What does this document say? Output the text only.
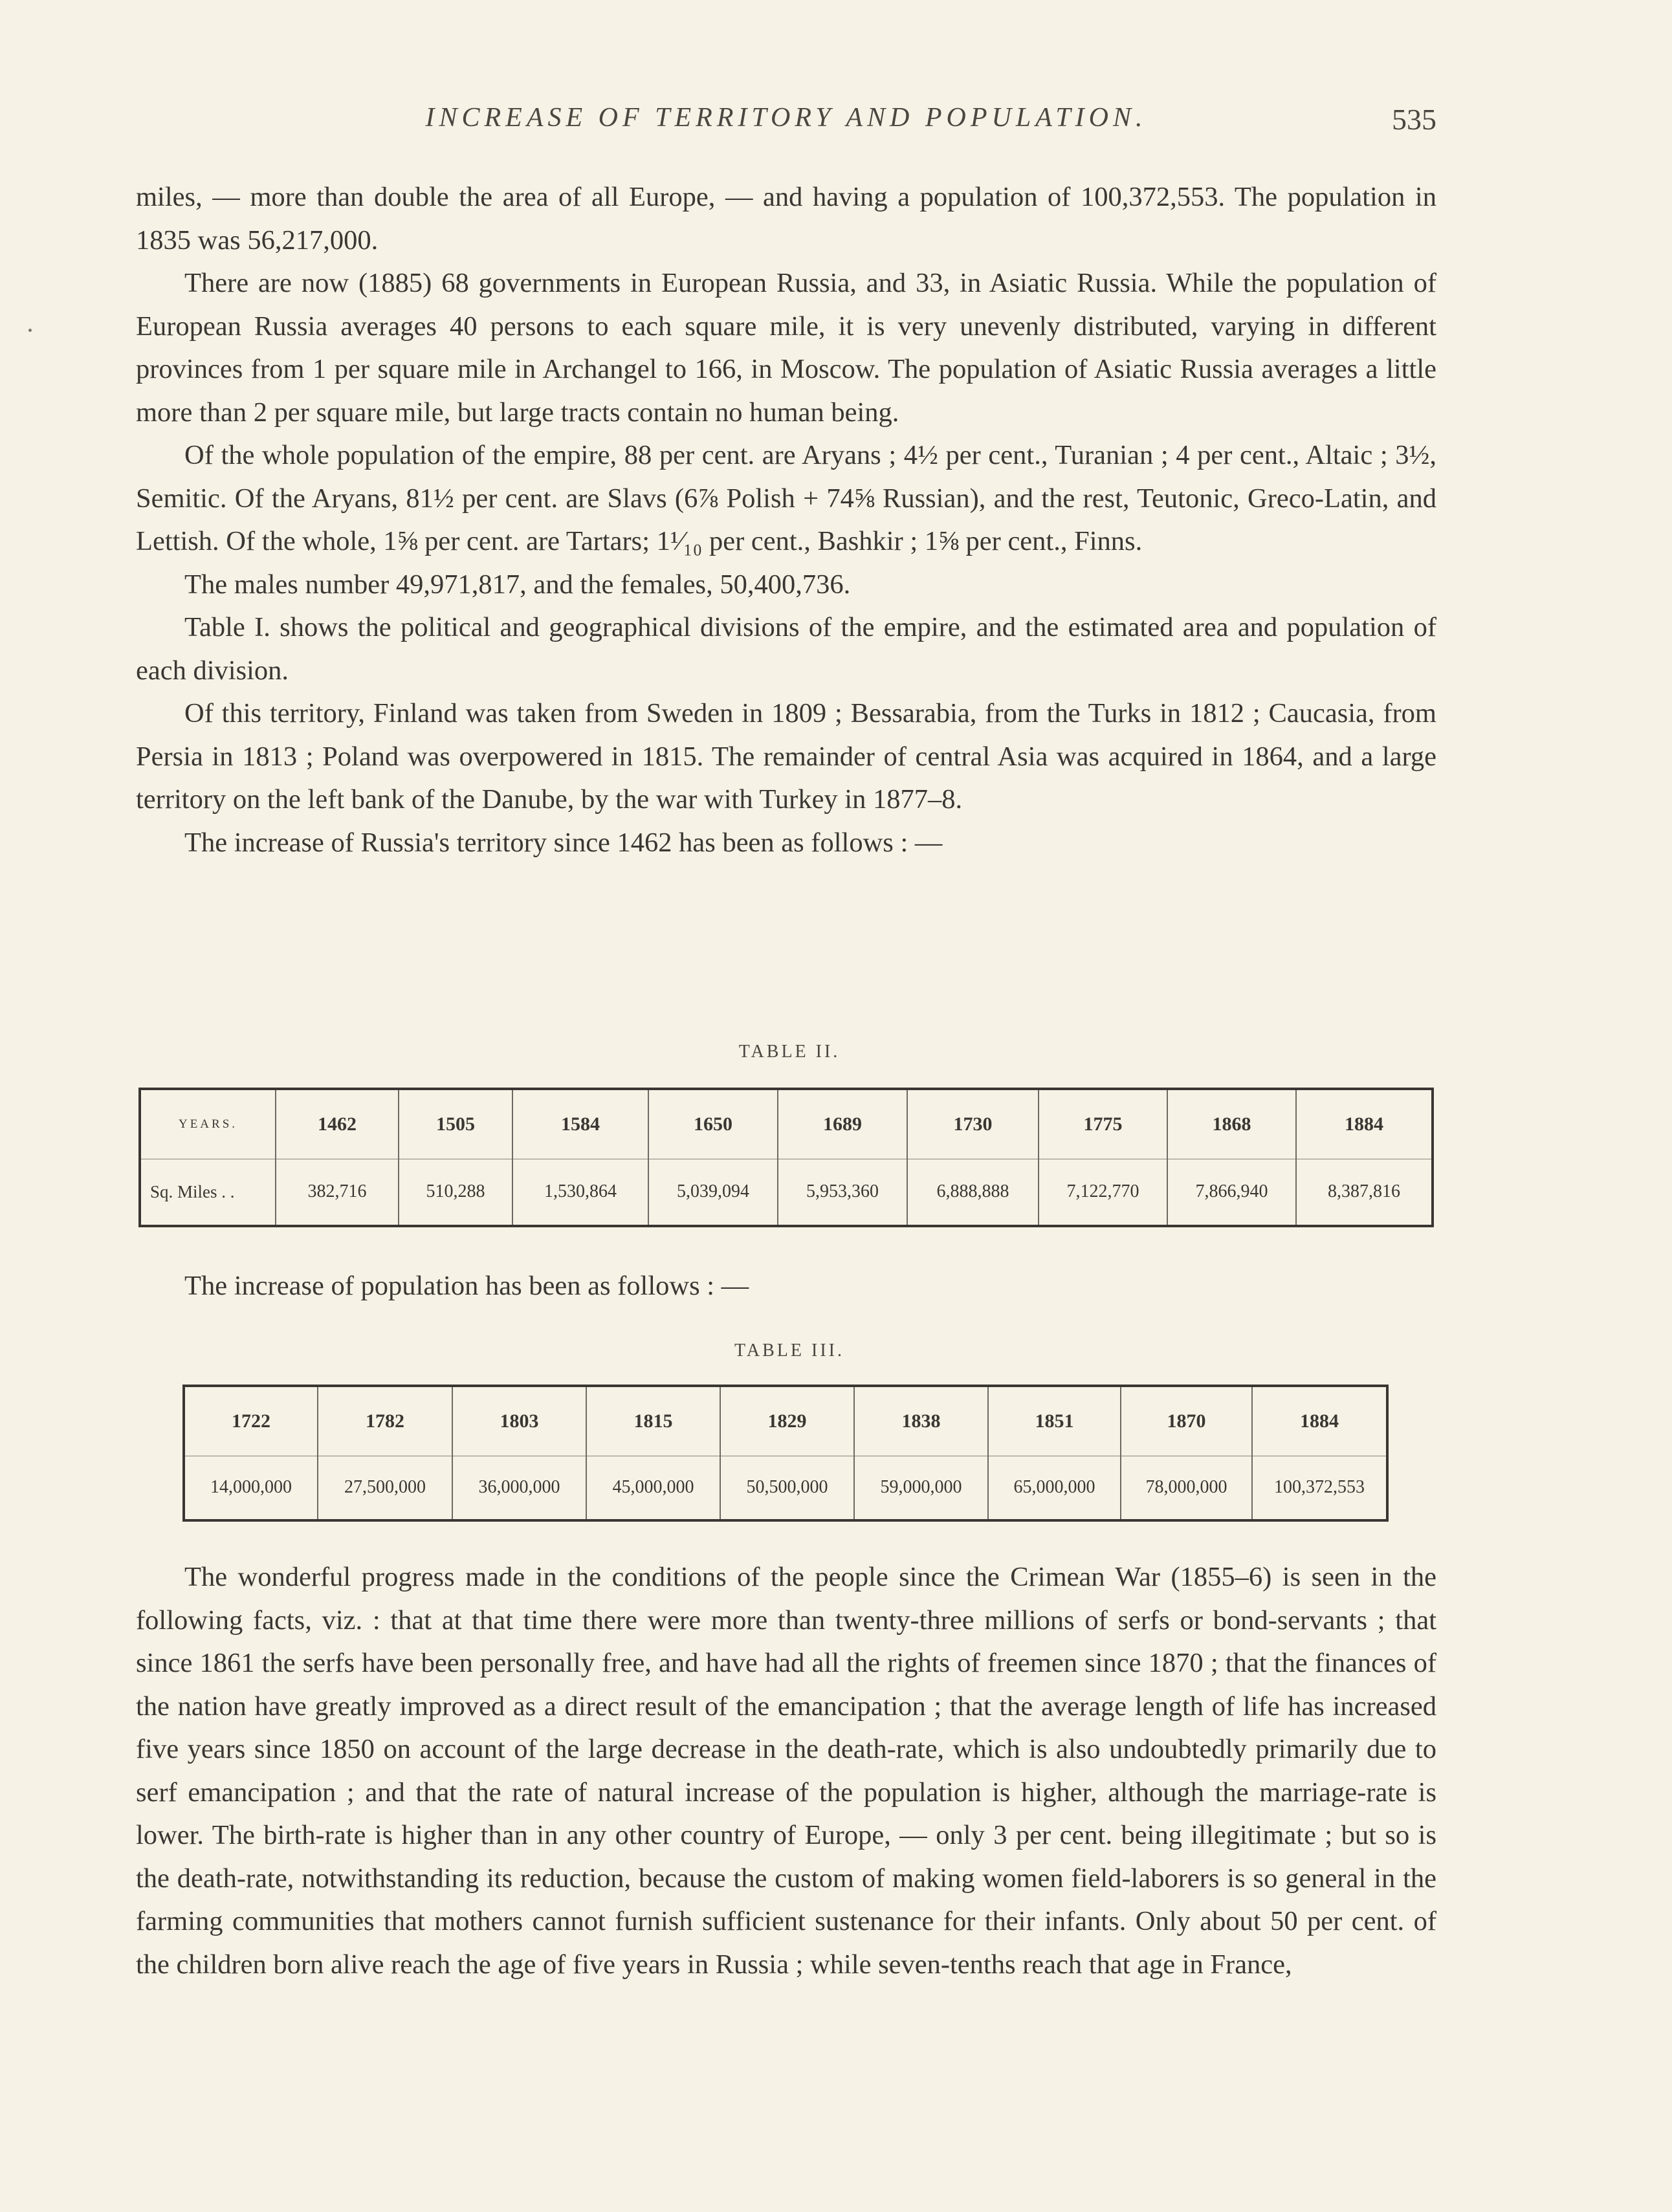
INCREASE OF TERRITORY AND POPULATION.	535

miles, — more than double the area of all Europe, — and having a population of 100,372,553. The population in 1835 was 56,217,000.

There are now (1885) 68 governments in European Russia, and 33, in Asiatic Russia. While the population of European Russia averages 40 persons to each square mile, it is very unevenly distributed, varying in different provinces from 1 per square mile in Archangel to 166, in Moscow. The population of Asiatic Russia averages a little more than 2 per square mile, but large tracts contain no human being.

Of the whole population of the empire, 88 per cent. are Aryans ; 4½ per cent., Turanian ; 4 per cent., Altaic ; 3½, Semitic. Of the Aryans, 81½ per cent. are Slavs (6⅞ Polish + 74⅝ Russian), and the rest, Teutonic, Greco-Latin, and Lettish. Of the whole, 1⅝ per cent. are Tartars; 1¹⁄₁₀ per cent., Bashkir ; 1⅝ per cent., Finns.

The males number 49,971,817, and the females, 50,400,736.

Table I. shows the political and geographical divisions of the empire, and the estimated area and population of each division.

Of this territory, Finland was taken from Sweden in 1809 ; Bessarabia, from the Turks in 1812 ; Caucasia, from Persia in 1813 ; Poland was overpowered in 1815. The remainder of central Asia was acquired in 1864, and a large territory on the left bank of the Danube, by the war with Turkey in 1877–8.

The increase of Russia's territory since 1462 has been as follows : —

TABLE II.
YEARS.	1462	1505	1584	1650	1689	1730	1775	1868	1884
Sq. Miles . .	382,716	510,288	1,530,864	5,039,094	5,953,360	6,888,888	7,122,770	7,866,940	8,387,816

The increase of population has been as follows : —

TABLE III.
1722	1782	1803	1815	1829	1838	1851	1870	1884
14,000,000	27,500,000	36,000,000	45,000,000	50,500,000	59,000,000	65,000,000	78,000,000	100,372,553

The wonderful progress made in the conditions of the people since the Crimean War (1855–6) is seen in the following facts, viz. : that at that time there were more than twenty-three millions of serfs or bond-servants ; that since 1861 the serfs have been personally free, and have had all the rights of freemen since 1870 ; that the finances of the nation have greatly improved as a direct result of the emancipation ; that the average length of life has increased five years since 1850 on account of the large decrease in the death-rate, which is also undoubtedly primarily due to serf emancipation ; and that the rate of natural increase of the population is higher, although the marriage-rate is lower. The birth-rate is higher than in any other country of Europe, — only 3 per cent. being illegitimate ; but so is the death-rate, notwithstanding its reduction, because the custom of making women field-laborers is so general in the farming communities that mothers cannot furnish sufficient sustenance for their infants. Only about 50 per cent. of the children born alive reach the age of five years in Russia ; while seven-tenths reach that age in France,
